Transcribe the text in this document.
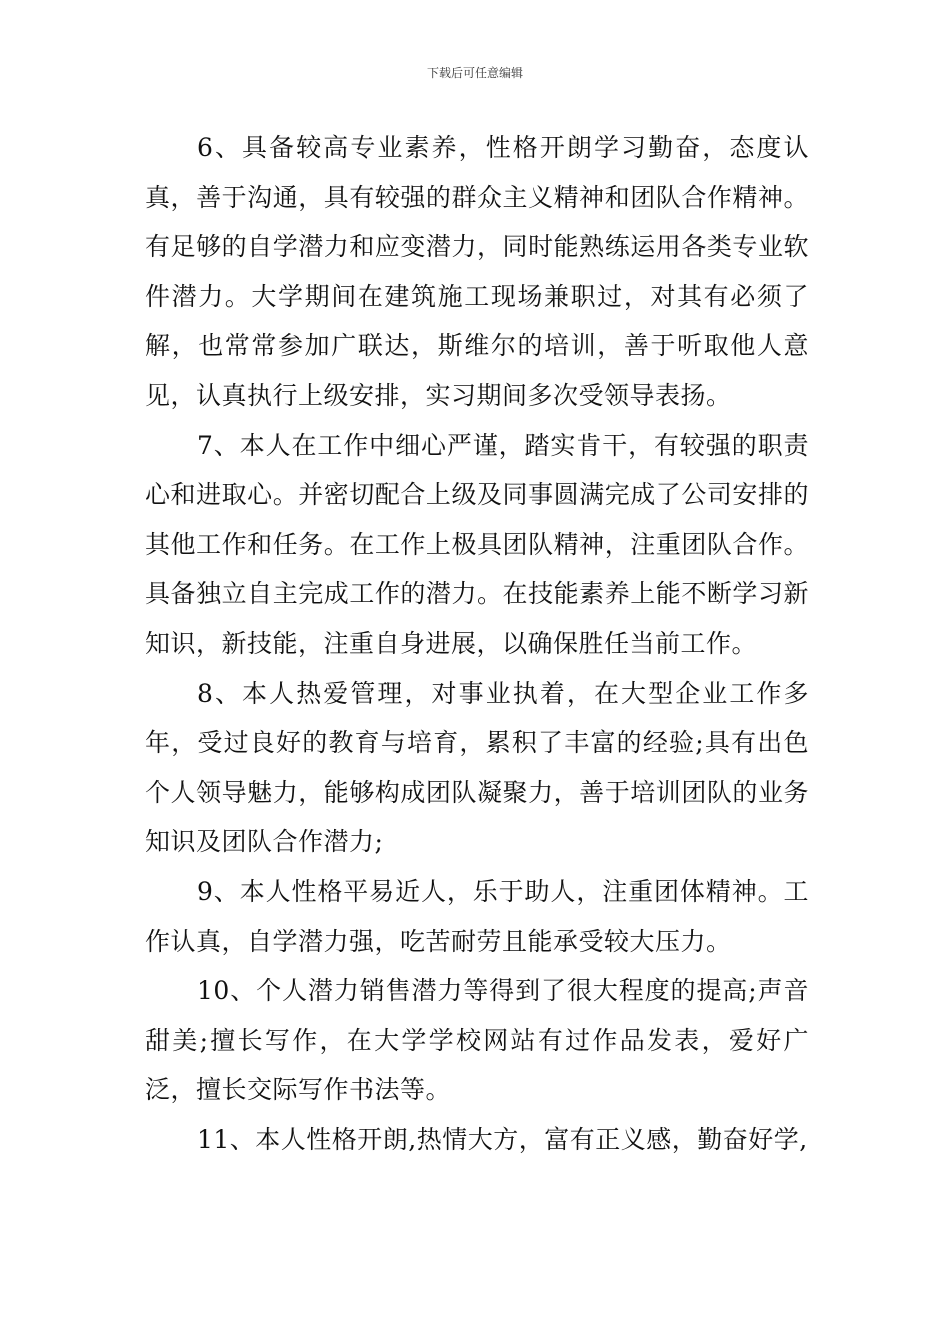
下载后可任意编辑

6、具备较高专业素养，性格开朗学习勤奋，态度认真，善于沟通，具有较强的群众主义精神和团队合作精神。有足够的自学潜力和应变潜力，同时能熟练运用各类专业软件潜力。大学期间在建筑施工现场兼职过，对其有必须了解，也常常参加广联达，斯维尔的培训，善于听取他人意见，认真执行上级安排，实习期间多次受领导表扬。

7、本人在工作中细心严谨，踏实肯干，有较强的职责心和进取心。并密切配合上级及同事圆满完成了公司安排的其他工作和任务。在工作上极具团队精神，注重团队合作。具备独立自主完成工作的潜力。在技能素养上能不断学习新知识，新技能，注重自身进展，以确保胜任当前工作。

8、本人热爱管理，对事业执着，在大型企业工作多年，受过良好的教育与培育，累积了丰富的经验;具有出色个人领导魅力，能够构成团队凝聚力，善于培训团队的业务知识及团队合作潜力;

9、本人性格平易近人，乐于助人，注重团体精神。工作认真，自学潜力强，吃苦耐劳且能承受较大压力。

10、个人潜力销售潜力等得到了很大程度的提高;声音甜美;擅长写作，在大学学校网站有过作品发表，爱好广泛，擅长交际写作书法等。

11、本人性格开朗,热情大方，富有正义感，勤奋好学,
